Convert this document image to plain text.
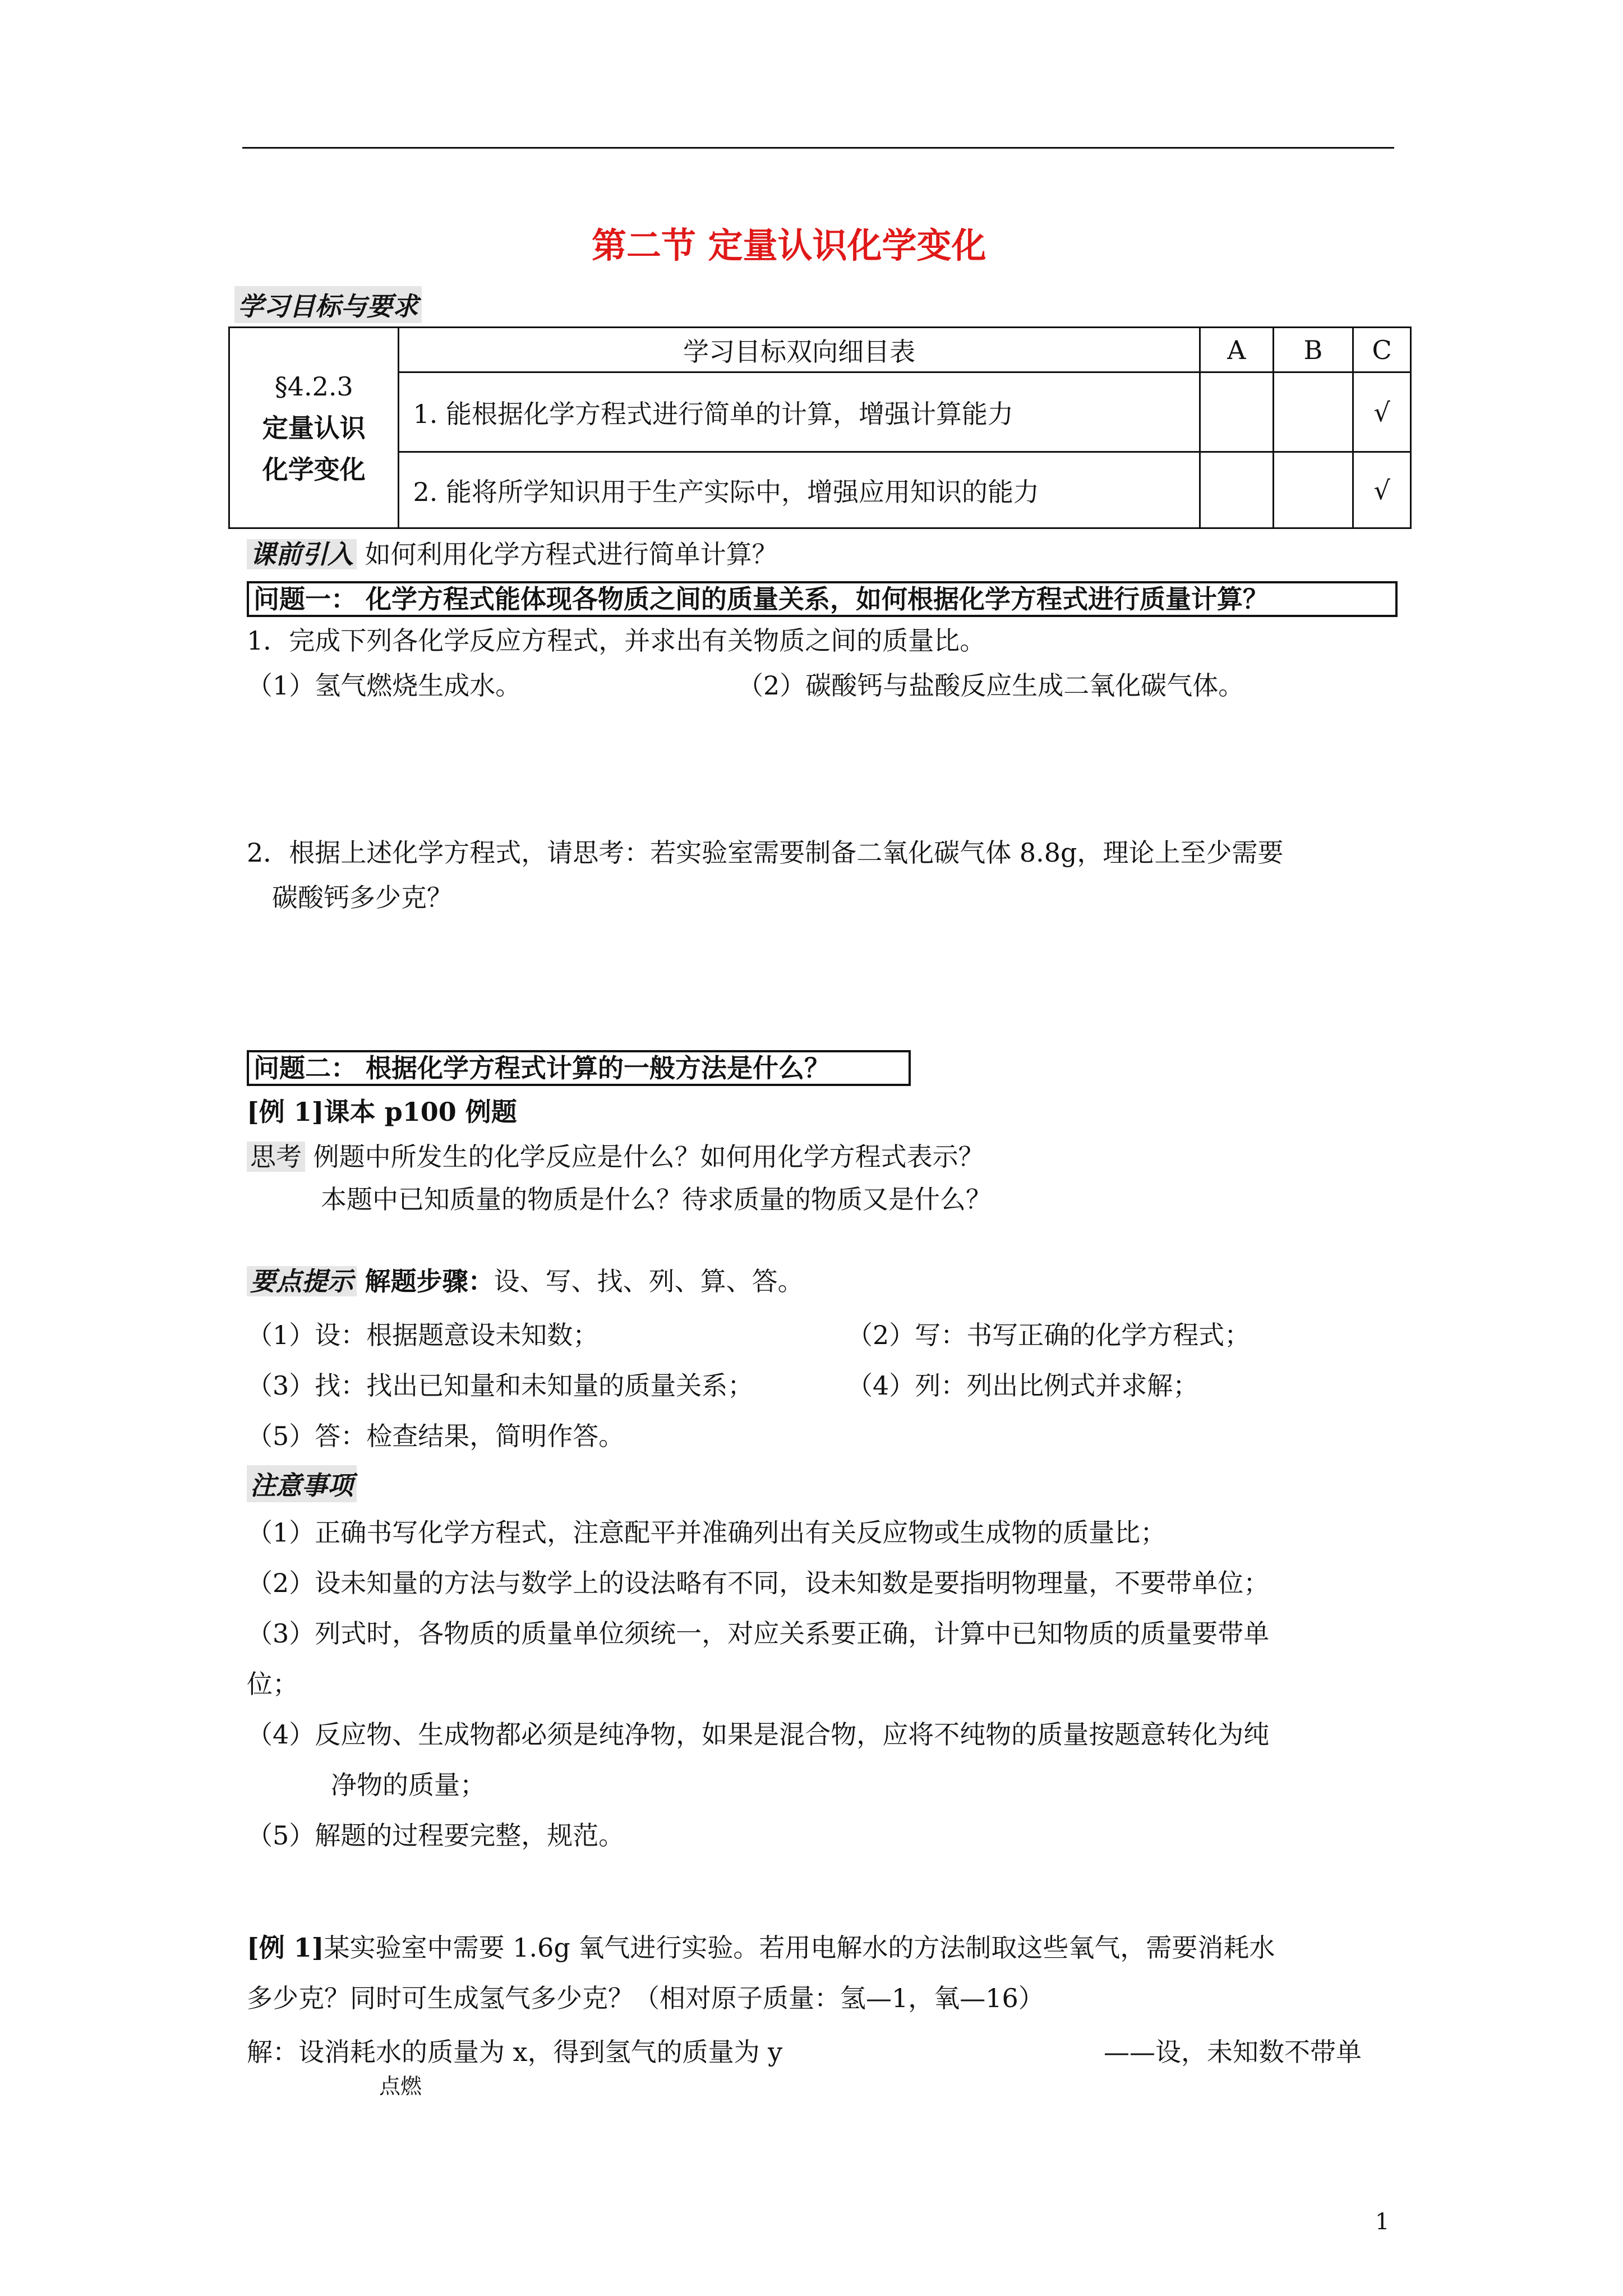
第二节 定量认识化学变化
学习目标与要求
§4.2.3
定量认识
化学变化	学习目标双向细目表	A	B	C
	1. 能根据化学方程式进行简单的计算，增强计算能力			√
	2. 能将所学知识用于生产实际中，增强应用知识的能力			√
课前引入 如何利用化学方程式进行简单计算？
问题一： 化学方程式能体现各物质之间的质量关系，如何根据化学方程式进行质量计算？
1．完成下列各化学反应方程式，并求出有关物质之间的质量比。
（1）氢气燃烧生成水。	（2）碳酸钙与盐酸反应生成二氧化碳气体。
2．根据上述化学方程式，请思考：若实验室需要制备二氧化碳气体 8.8g，理论上至少需要
碳酸钙多少克？
问题二： 根据化学方程式计算的一般方法是什么？
[例 1]课本 p100 例题
思考 例题中所发生的化学反应是什么？如何用化学方程式表示？
本题中已知质量的物质是什么？待求质量的物质又是什么？
要点提示 解题步骤：设、写、找、列、算、答。
（1）设：根据题意设未知数；	（2）写：书写正确的化学方程式；
（3）找：找出已知量和未知量的质量关系；	（4）列：列出比例式并求解；
（5）答：检查结果，简明作答。
注意事项
（1）正确书写化学方程式，注意配平并准确列出有关反应物或生成物的质量比；
（2）设未知量的方法与数学上的设法略有不同，设未知数是要指明物理量，不要带单位；
（3）列式时，各物质的质量单位须统一，对应关系要正确，计算中已知物质的质量要带单
位；
（4）反应物、生成物都必须是纯净物，如果是混合物，应将不纯物的质量按题意转化为纯
净物的质量；
（5）解题的过程要完整，规范。
[例 1]某实验室中需要 1.6g 氧气进行实验。若用电解水的方法制取这些氧气，需要消耗水
多少克？同时可生成氢气多少克？（相对原子质量：氢—1，氧—16）
解：设消耗水的质量为 x，得到氢气的质量为 y	——设，未知数不带单
点燃
1
